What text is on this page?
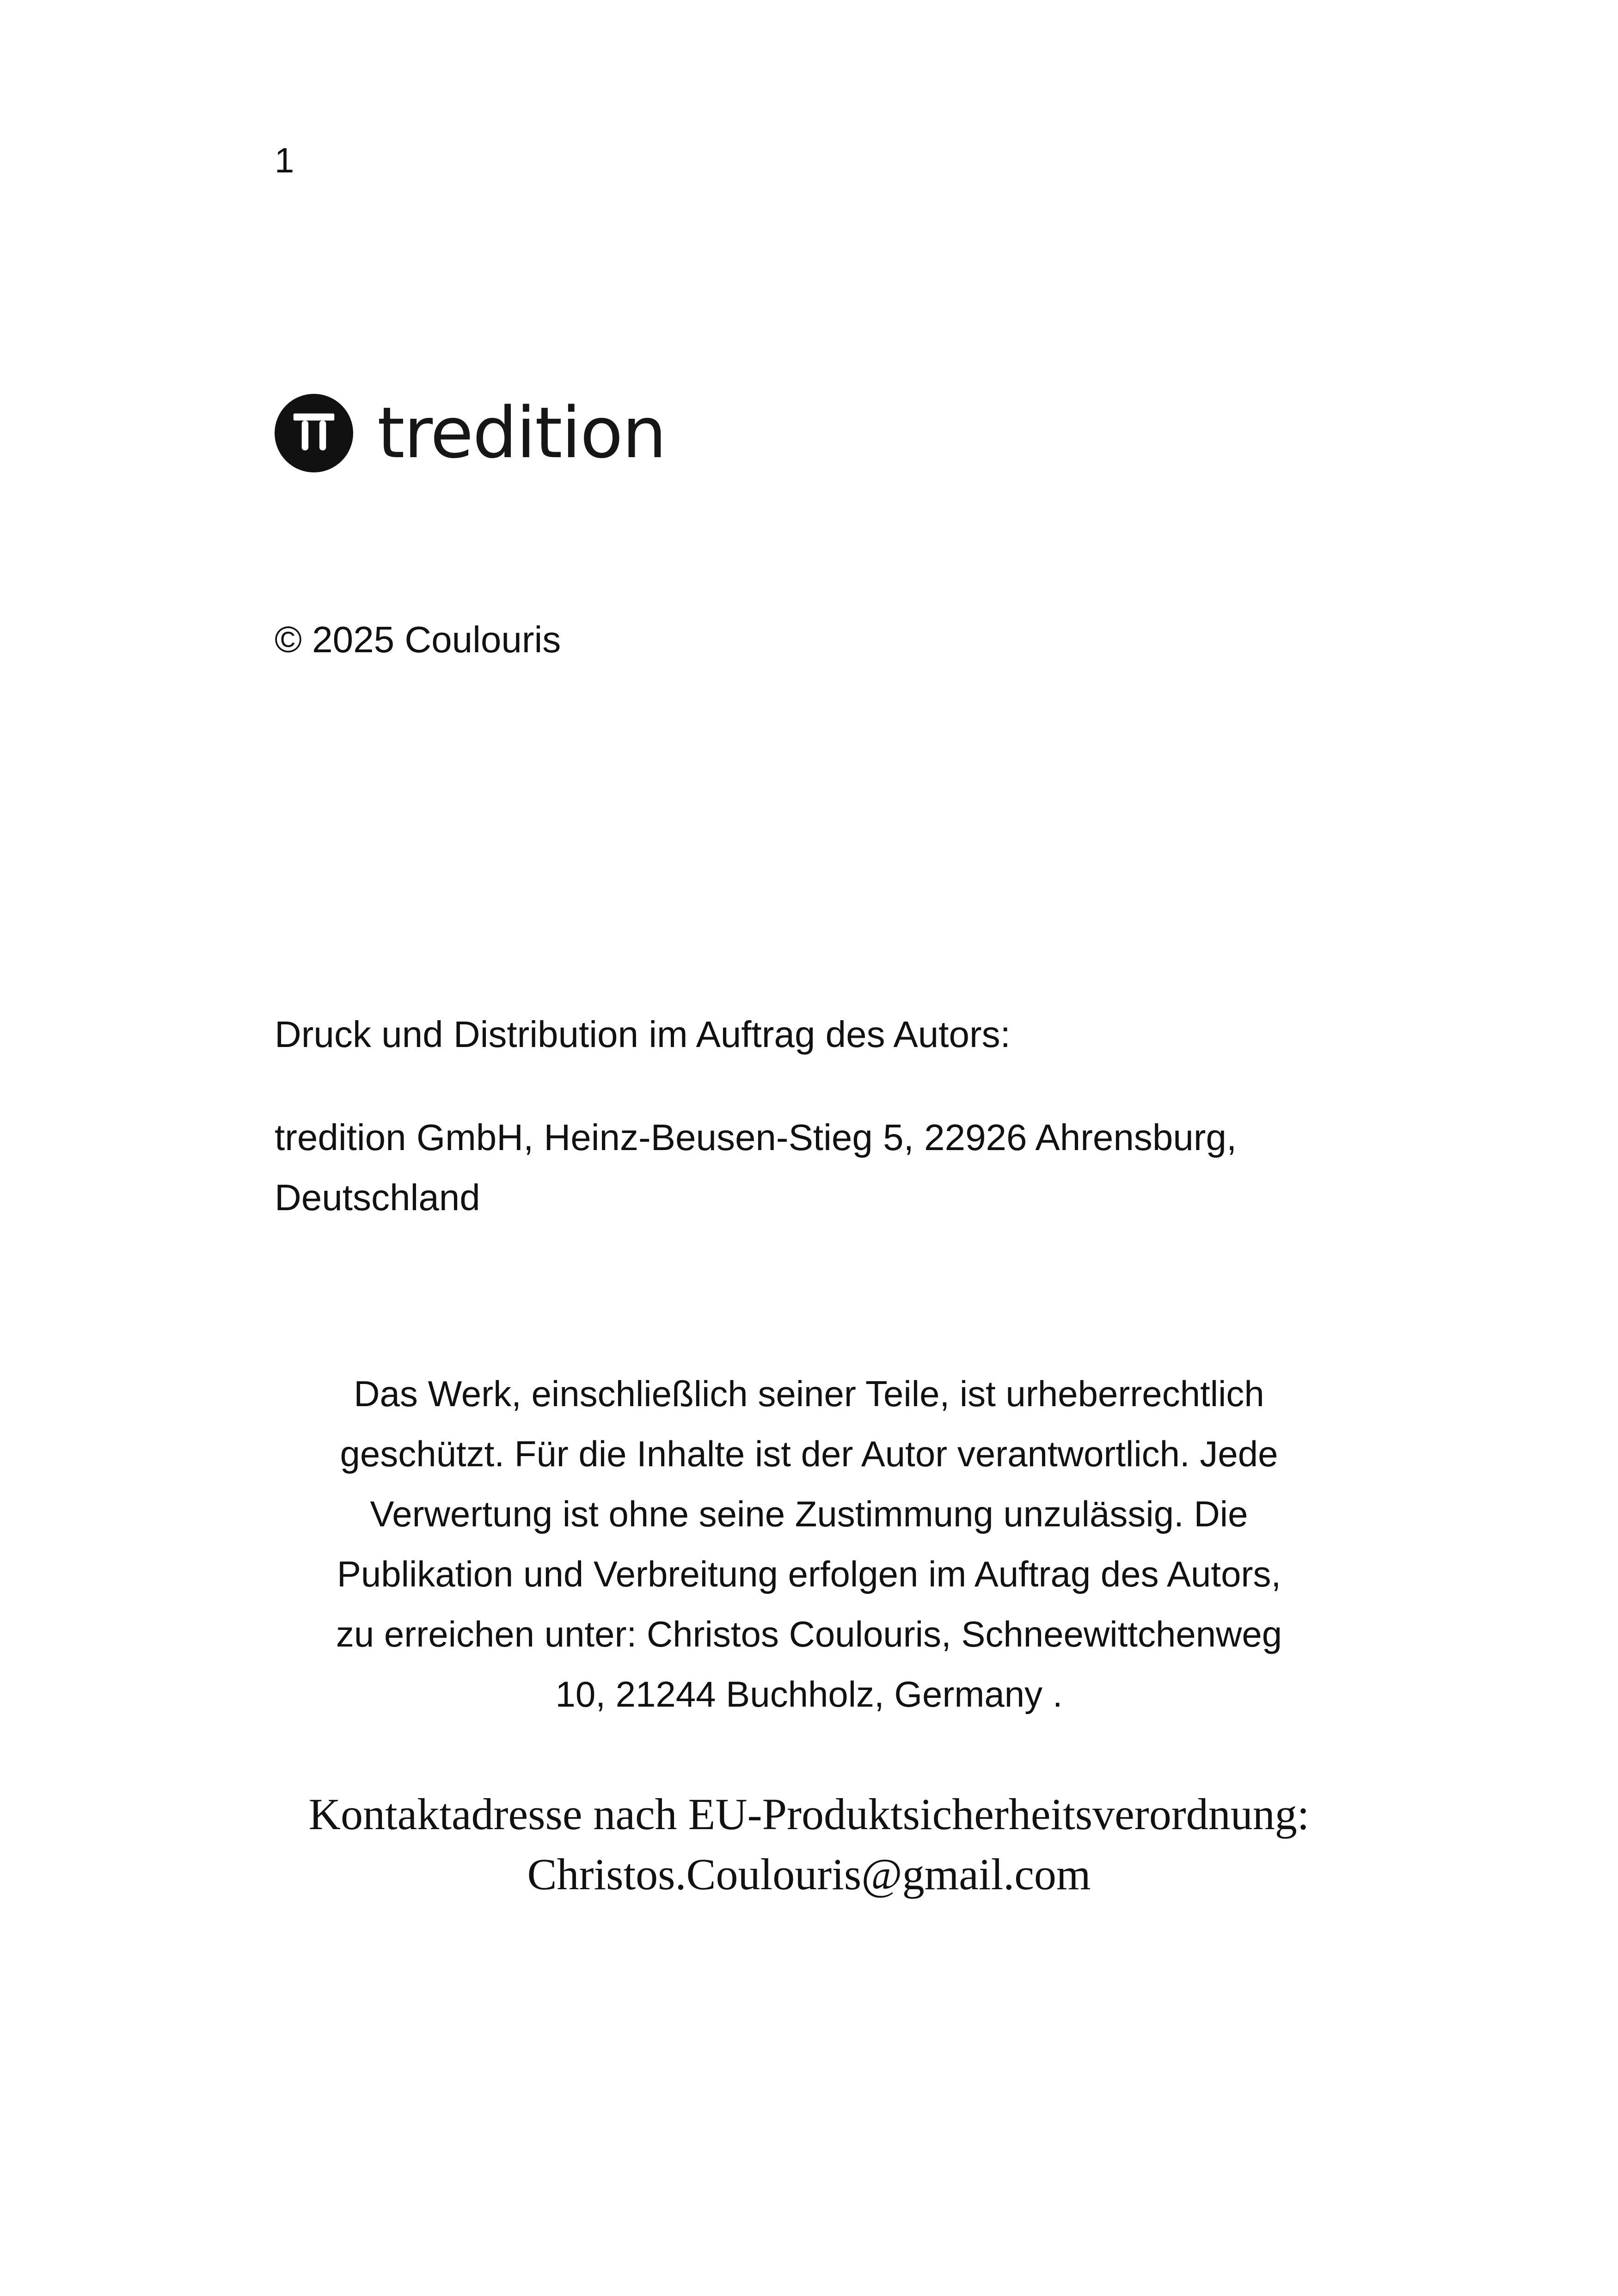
1
tredition
© 2025 Coulouris
Druck und Distribution im Auftrag des Autors:
tredition GmbH, Heinz-Beusen-Stieg 5, 22926 Ahrensburg,
Deutschland

Das Werk, einschließlich seiner Teile, ist urheberrechtlich

geschützt. Für die Inhalte ist der Autor verantwortlich. Jede

Verwertung ist ohne seine Zustimmung unzulässig. Die

Publikation und Verbreitung erfolgen im Auftrag des Autors,

zu erreichen unter: Christos Coulouris, Schneewittchenweg

10, 21244 Buchholz, Germany .

Kontaktadresse nach EU-Produktsicherheitsverordnung:
Christos.Coulouris@gmail.com
